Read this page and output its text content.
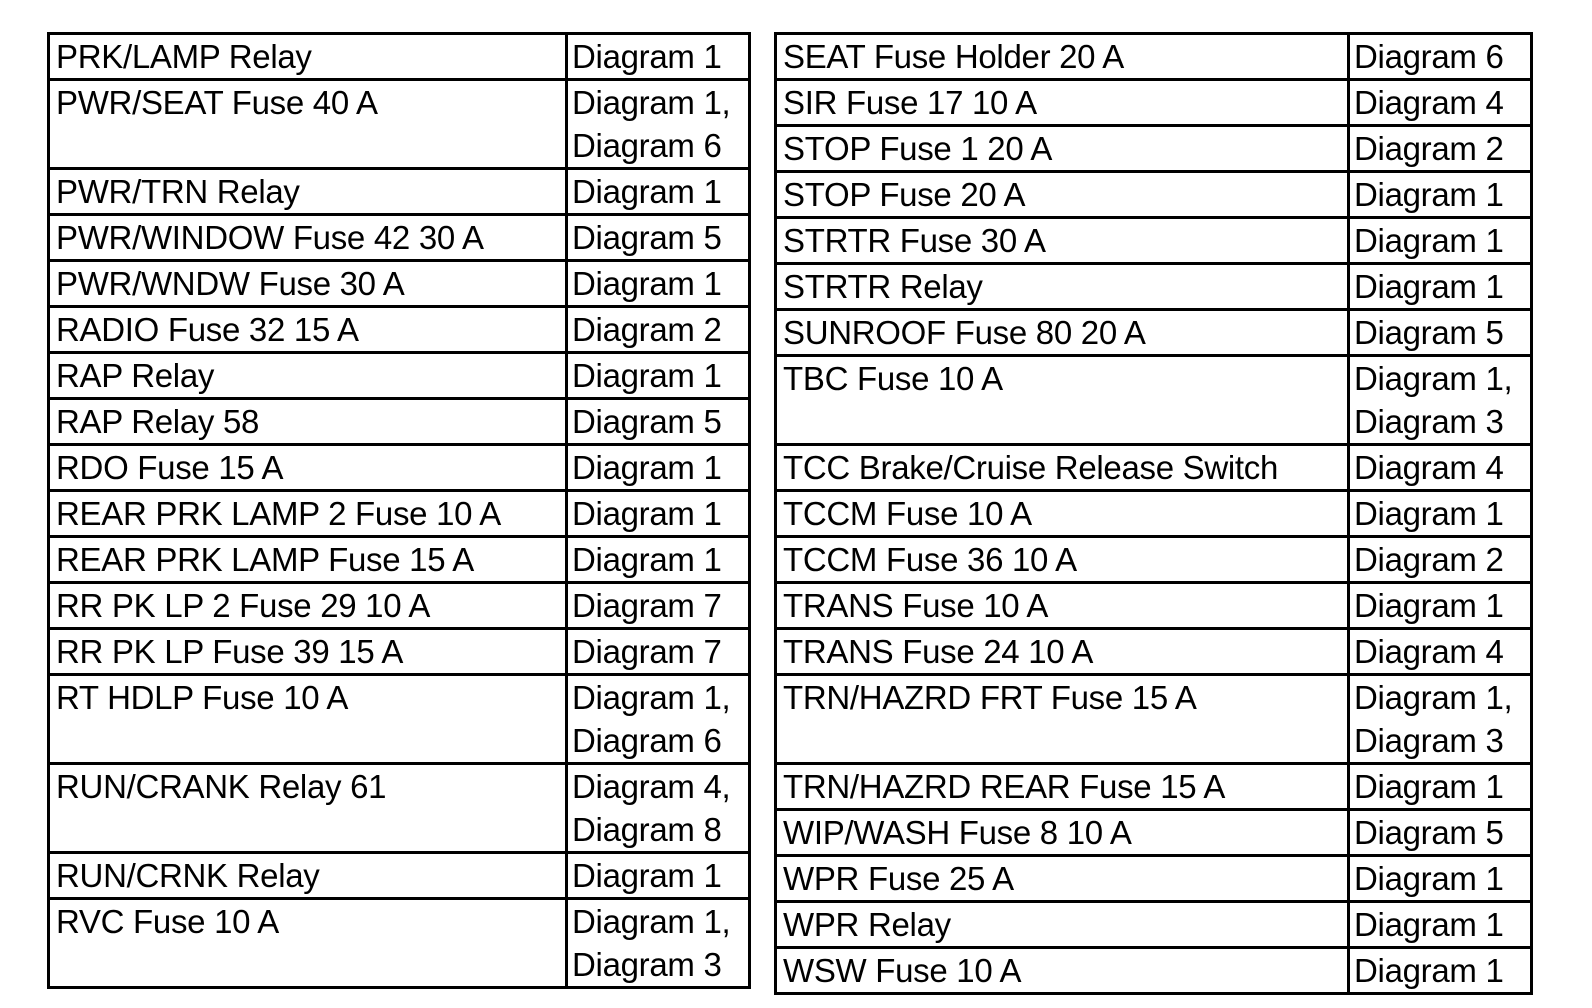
PRK/LAMP Relay	Diagram 1

PWR/SEAT Fuse 40 A	Diagram 1,
Diagram 6

PWR/TRN Relay	Diagram 1

PWR/WINDOW Fuse 42 30 A	Diagram 5

PWR/WNDW Fuse 30 A	Diagram 1

RADIO Fuse 32 15 A	Diagram 2

RAP Relay	Diagram 1

RAP Relay 58	Diagram 5

RDO Fuse 15 A	Diagram 1

REAR PRK LAMP 2 Fuse 10 A	Diagram 1

REAR PRK LAMP Fuse 15 A	Diagram 1

RR PK LP 2 Fuse 29 10 A	Diagram 7

RR PK LP Fuse 39 15 A	Diagram 7

RT HDLP Fuse 10 A	Diagram 1,
Diagram 6

RUN/CRANK Relay 61	Diagram 4,
Diagram 8

RUN/CRNK Relay	Diagram 1

RVC Fuse 10 A	Diagram 1,
Diagram 3
SEAT Fuse Holder 20 A	Diagram 6

SIR Fuse 17 10 A	Diagram 4

STOP Fuse 1 20 A	Diagram 2

STOP Fuse 20 A	Diagram 1

STRTR Fuse 30 A	Diagram 1

STRTR Relay	Diagram 1

SUNROOF Fuse 80 20 A	Diagram 5

TBC Fuse 10 A	Diagram 1,
Diagram 3

TCC Brake/Cruise Release Switch	Diagram 4

TCCM Fuse 10 A	Diagram 1

TCCM Fuse 36 10 A	Diagram 2

TRANS Fuse 10 A	Diagram 1

TRANS Fuse 24 10 A	Diagram 4

TRN/HAZRD FRT Fuse 15 A	Diagram 1,
Diagram 3

TRN/HAZRD REAR Fuse 15 A	Diagram 1

WIP/WASH Fuse 8 10 A	Diagram 5

WPR Fuse 25 A	Diagram 1

WPR Relay	Diagram 1

WSW Fuse 10 A	Diagram 1
